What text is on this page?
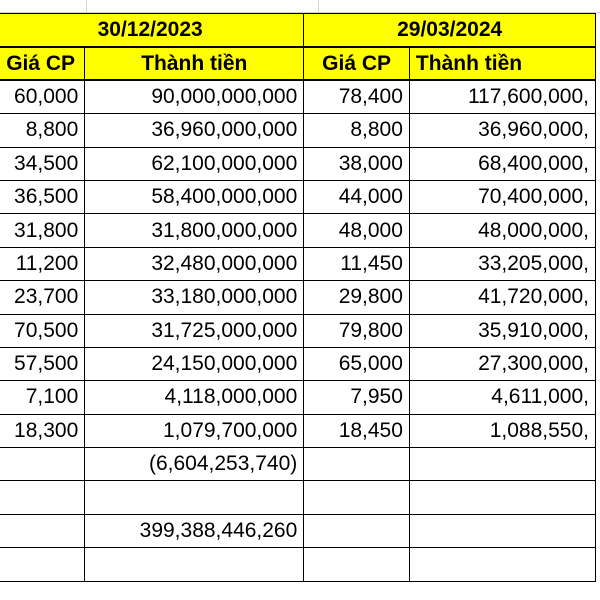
30/12/2023		29/03/2024	
Giá CP	Thành tiền	Giá CP	Thành tiền
60,000	90,000,000,000	78,400	117,600,000,
8,800	36,960,000,000	8,800	36,960,000,
34,500	62,100,000,000	38,000	68,400,000,
36,500	58,400,000,000	44,000	70,400,000,
31,800	31,800,000,000	48,000	48,000,000,
11,200	32,480,000,000	11,450	33,205,000,
23,700	33,180,000,000	29,800	41,720,000,
70,500	31,725,000,000	79,800	35,910,000,
57,500	24,150,000,000	65,000	27,300,000,
7,100	4,118,000,000	7,950	4,611,000,
18,300	1,079,700,000	18,450	1,088,550,
	(6,604,253,740)		

	399,388,446,260		
